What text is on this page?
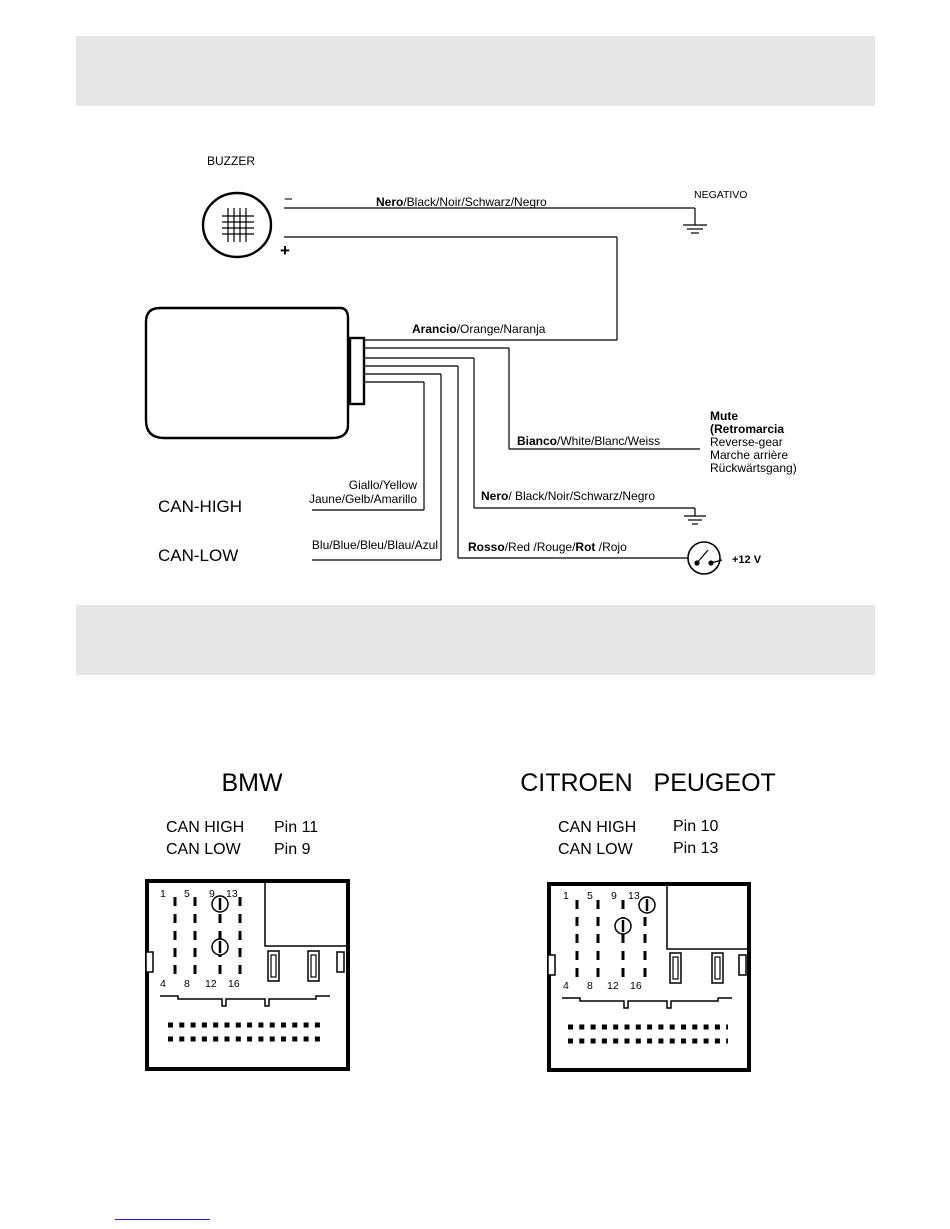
BUZZER
−
+
NEGATIVO
Nero/Black/Noir/Schwarz/Negro
Arancio/Orange/Naranja
Bianco/White/Blanc/Weiss
Mute
(Retromarcia
Reverse-gear
Marche arrière
Rückwärtsgang)
Nero/ Black/Noir/Schwarz/Negro
Rosso/Red /Rouge/Rot /Rojo
+12 V
Giallo/Yellow
Jaune/Gelb/Amarillo
Blu/Blue/Bleu/Blau/Azul
CAN-HIGH
CAN-LOW
BMW
CAN HIGH Pin 11
CAN LOW Pin 9
1 5 9 13
4 8 12 16
CITROEN   PEUGEOT
CAN HIGH Pin 10
CAN LOW	Pin 13
1 5 9 13
4 8 12 16
